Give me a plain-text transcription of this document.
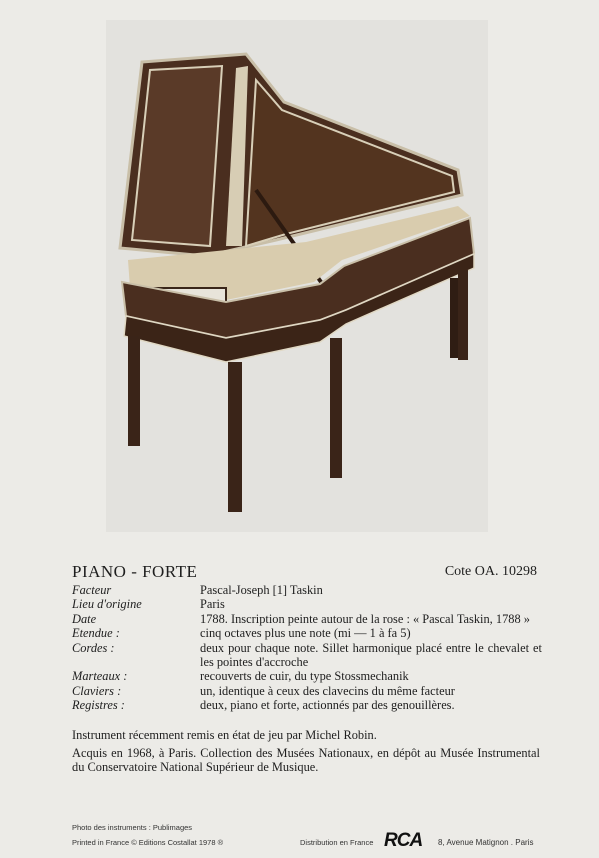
PIANO - FORTE	Cote OA. 10298
Facteur	Pascal-Joseph [1] Taskin
Lieu d'origine	Paris
Date	1788. Inscription peinte autour de la rose : « Pascal Taskin, 1788 »
Etendue :	cinq octaves plus une note (mi — 1 à fa 5)
Cordes :	deux pour chaque note. Sillet harmonique placé entre le chevalet et les pointes d'accroche
Marteaux :	recouverts de cuir, du type Stossmechanik
Claviers :	un, identique à ceux des clavecins du même facteur
Registres :	deux, piano et forte, actionnés par des genouillères.
Instrument récemment remis en état de jeu par Michel Robin.
Acquis en 1968, à Paris. Collection des Musées Nationaux, en dépôt au Musée Instrumental du Conservatoire National Supérieur de Musique.
Photo des instruments : Publimages
Printed in France © Editions Costallat 1978 ®	Distribution en France RCA 8, Avenue Matignon . Paris
